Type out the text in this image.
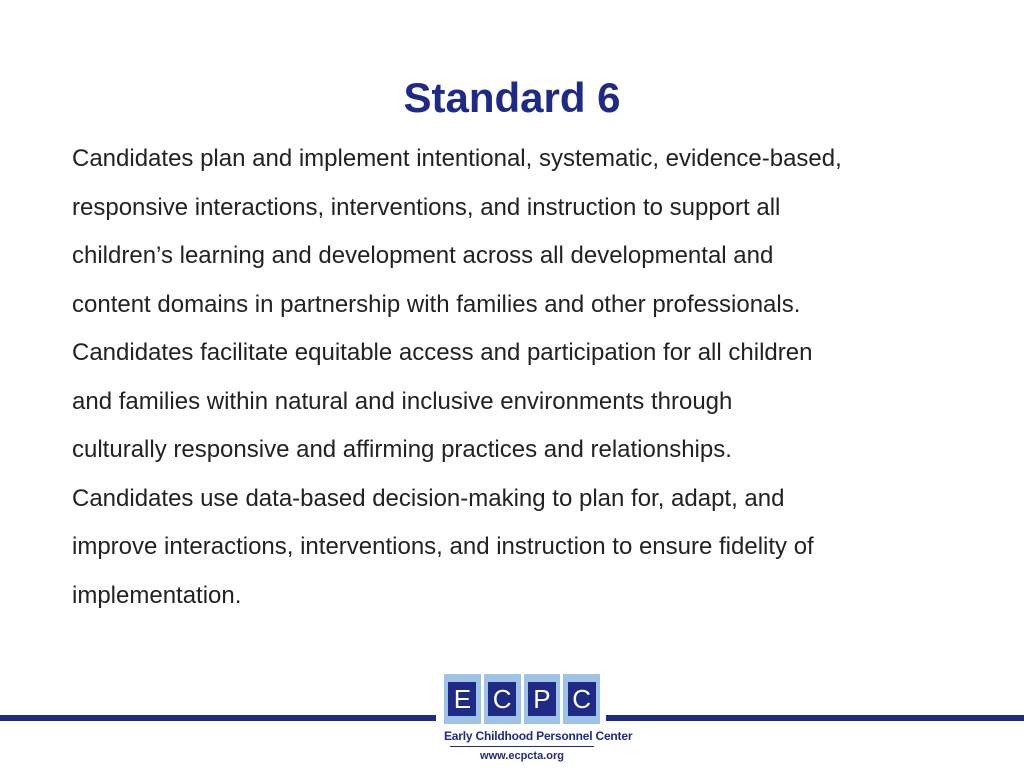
Standard 6
Candidates plan and implement intentional, systematic, evidence-based,
responsive interactions, interventions, and instruction to support all
children’s learning and development across all developmental and
content domains in partnership with families and other professionals.
Candidates facilitate equitable access and participation for all children
and families within natural and inclusive environments through
culturally responsive and affirming practices and relationships.
Candidates use data-based decision-making to plan for, adapt, and
improve interactions, interventions, and instruction to ensure fidelity of
implementation.
E C P C
Early Childhood Personnel Center
www.ecpcta.org
